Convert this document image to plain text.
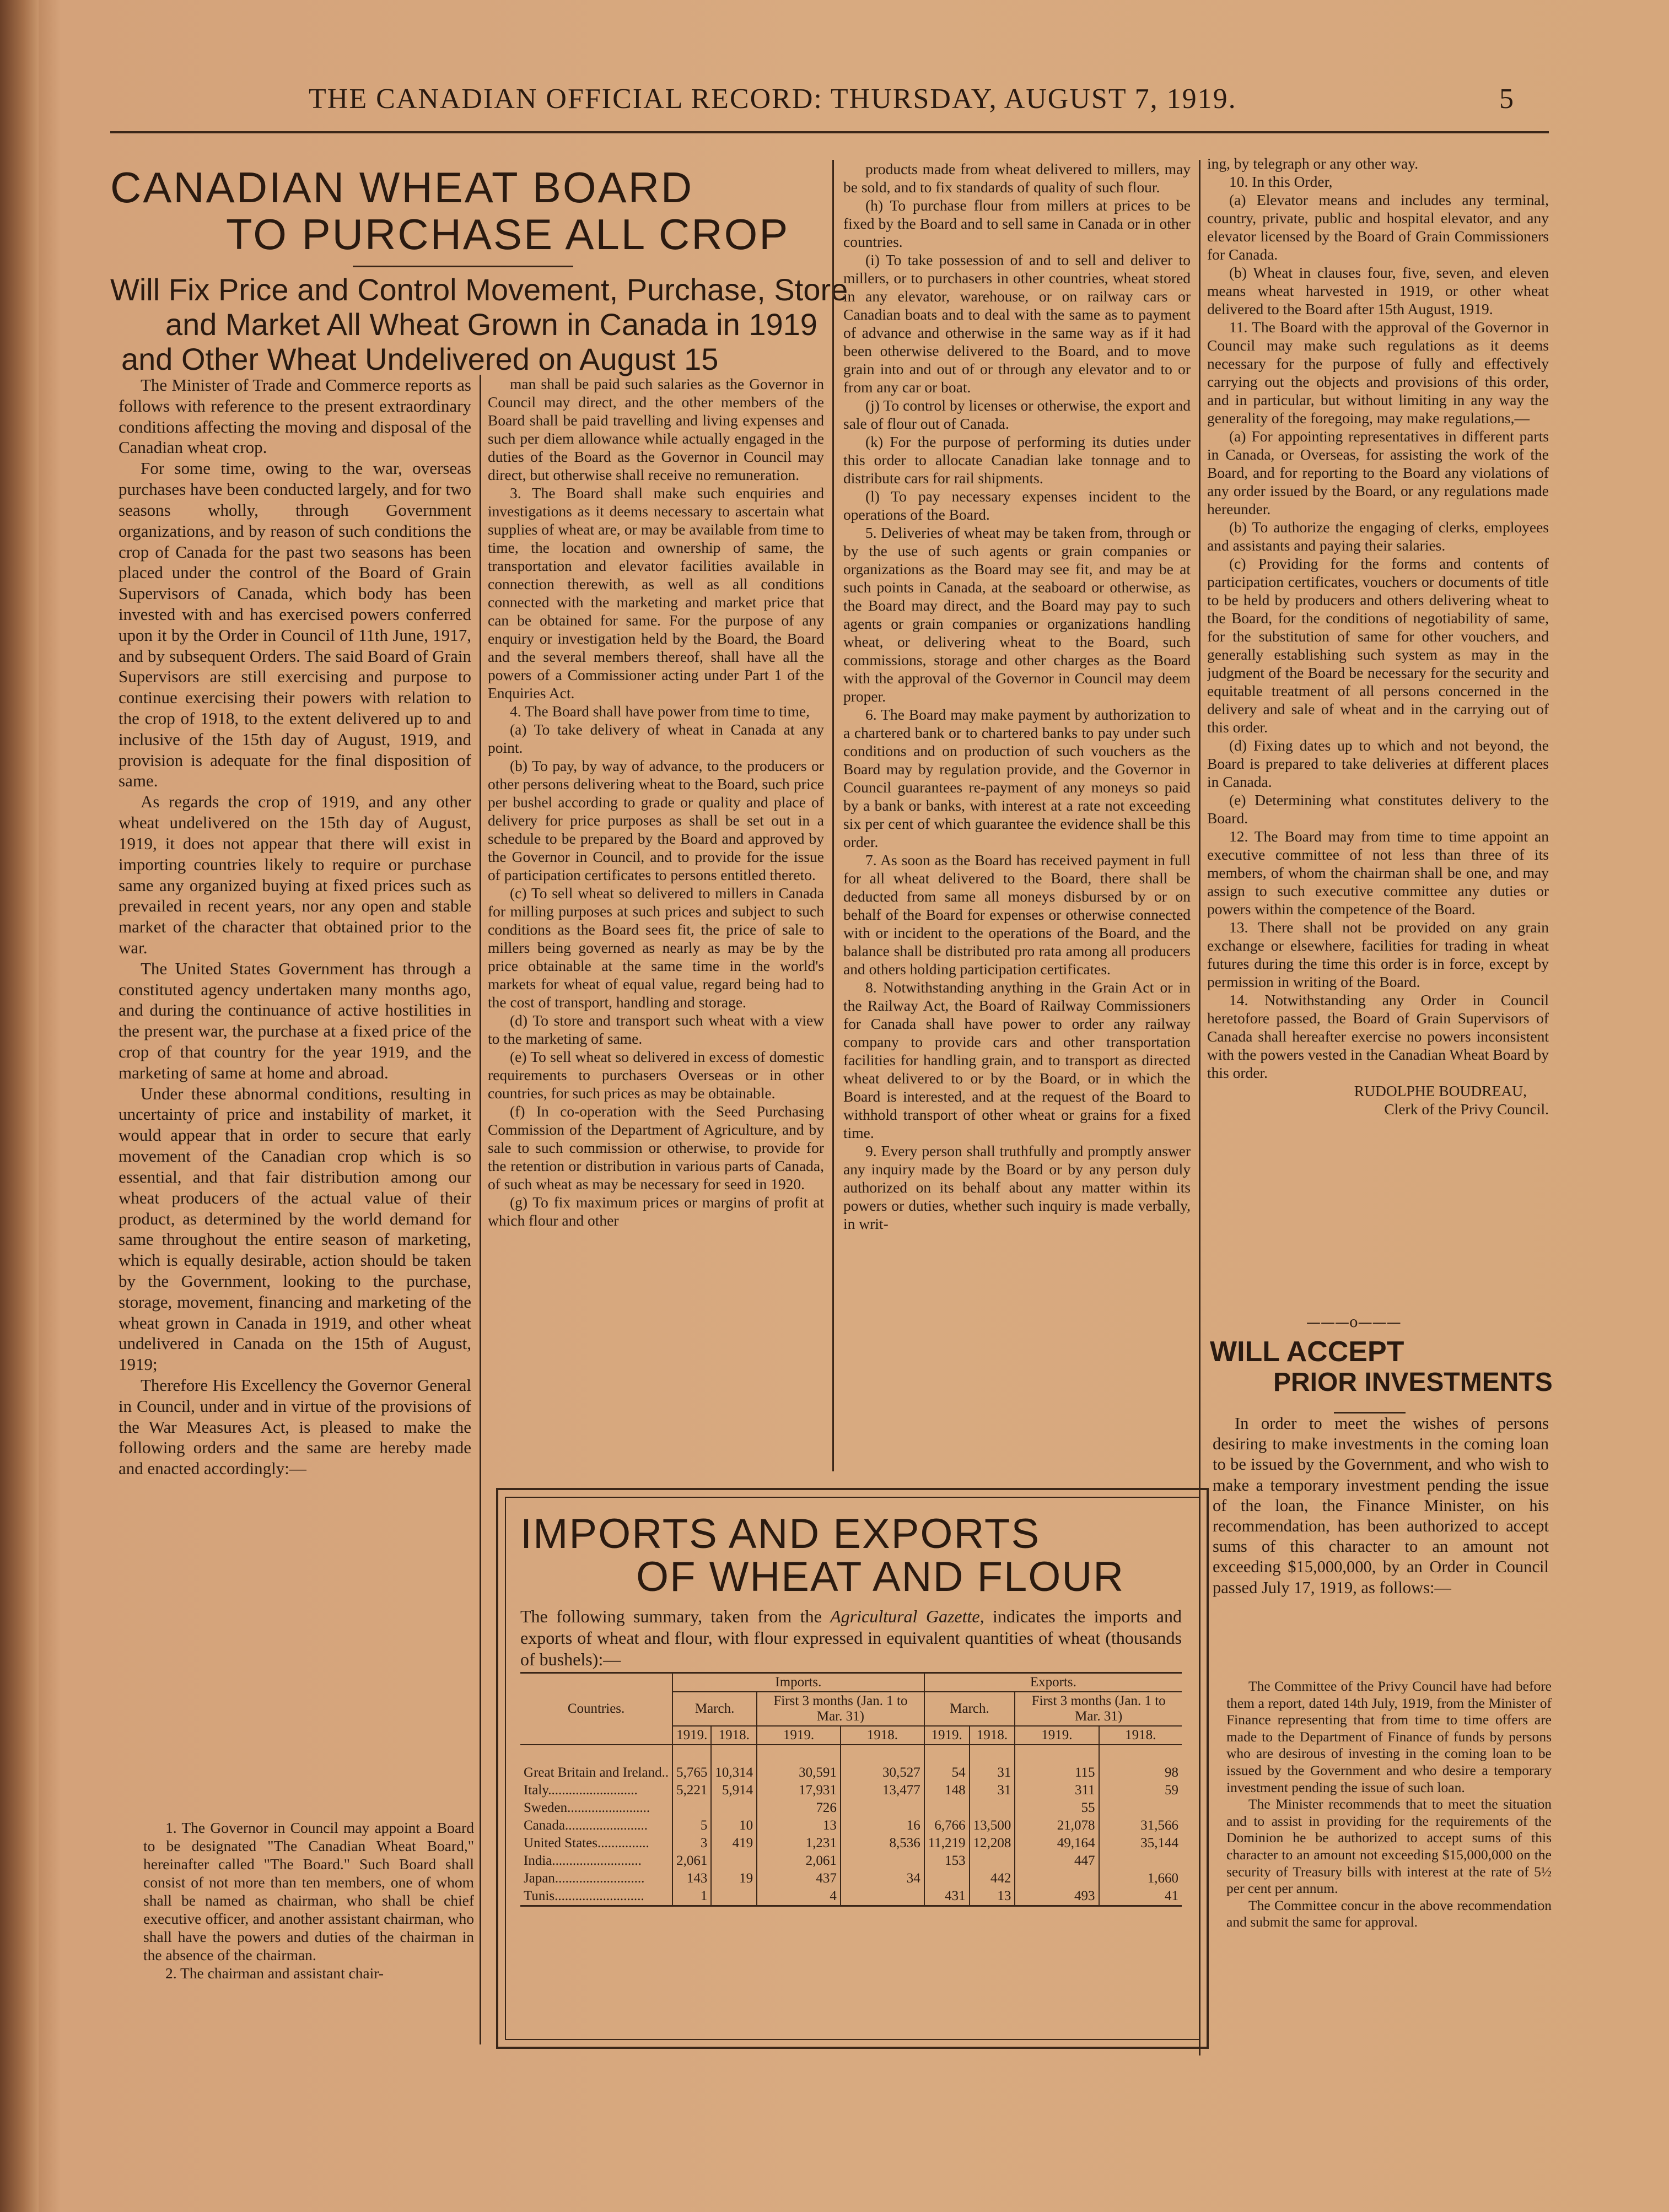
THE CANADIAN OFFICIAL RECORD: THURSDAY, AUGUST 7, 1919.	5
CANADIAN WHEAT BOARD
TO PURCHASE ALL CROP
Will Fix Price and Control Movement, Purchase, Store
and Market All Wheat Grown in Canada in 1919
and Other Wheat Undelivered on August 15

The Minister of Trade and Commerce reports as follows with reference to the present extraordinary conditions affecting the moving and disposal of the Canadian wheat crop.

For some time, owing to the war, overseas purchases have been conducted largely, and for two seasons wholly, through Government organizations, and by reason of such conditions the crop of Canada for the past two seasons has been placed under the control of the Board of Grain Supervisors of Canada, which body has been invested with and has exercised powers conferred upon it by the Order in Council of 11th June, 1917, and by subsequent Orders. The said Board of Grain Supervisors are still exercising and purpose to continue exercising their powers with relation to the crop of 1918, to the extent delivered up to and inclusive of the 15th day of August, 1919, and provision is adequate for the final disposition of same.

As regards the crop of 1919, and any other wheat undelivered on the 15th day of August, 1919, it does not appear that there will exist in importing countries likely to require or purchase same any organized buying at fixed prices such as prevailed in recent years, nor any open and stable market of the character that obtained prior to the war.

The United States Government has through a constituted agency undertaken many months ago, and during the continuance of active hostilities in the present war, the purchase at a fixed price of the crop of that country for the year 1919, and the marketing of same at home and abroad.

Under these abnormal conditions, resulting in uncertainty of price and instability of market, it would appear that in order to secure that early movement of the Canadian crop which is so essential, and that fair distribution among our wheat producers of the actual value of their product, as determined by the world demand for same throughout the entire season of marketing, which is equally desirable, action should be taken by the Government, looking to the purchase, storage, movement, financing and marketing of the wheat grown in Canada in 1919, and other wheat undelivered in Canada on the 15th of August, 1919;

Therefore His Excellency the Governor General in Council, under and in virtue of the provisions of the War Measures Act, is pleased to make the following orders and the same are hereby made and enacted accordingly:—

1. The Governor in Council may appoint a Board to be designated "The Canadian Wheat Board," hereinafter called "The Board." Such Board shall consist of not more than ten members, one of whom shall be named as chairman, who shall be chief executive officer, and another assistant chairman, who shall have the powers and duties of the chairman in the absence of the chairman.

2. The chairman and assistant chair-

man shall be paid such salaries as the Governor in Council may direct, and the other members of the Board shall be paid travelling and living expenses and such per diem allowance while actually engaged in the duties of the Board as the Governor in Council may direct, but otherwise shall receive no remuneration.

3. The Board shall make such enquiries and investigations as it deems necessary to ascertain what supplies of wheat are, or may be available from time to time, the location and ownership of same, the transportation and elevator facilities available in connection therewith, as well as all conditions connected with the marketing and market price that can be obtained for same. For the purpose of any enquiry or investigation held by the Board, the Board and the several members thereof, shall have all the powers of a Commissioner acting under Part 1 of the Enquiries Act.

4. The Board shall have power from time to time,

(a) To take delivery of wheat in Canada at any point.

(b) To pay, by way of advance, to the producers or other persons delivering wheat to the Board, such price per bushel according to grade or quality and place of delivery for price purposes as shall be set out in a schedule to be prepared by the Board and approved by the Governor in Council, and to provide for the issue of participation certificates to persons entitled thereto.

(c) To sell wheat so delivered to millers in Canada for milling purposes at such prices and subject to such conditions as the Board sees fit, the price of sale to millers being governed as nearly as may be by the price obtainable at the same time in the world's markets for wheat of equal value, regard being had to the cost of transport, handling and storage.

(d) To store and transport such wheat with a view to the marketing of same.

(e) To sell wheat so delivered in excess of domestic requirements to purchasers Overseas or in other countries, for such prices as may be obtainable.

(f) In co-operation with the Seed Purchasing Commission of the Department of Agriculture, and by sale to such commission or otherwise, to provide for the retention or distribution in various parts of Canada, of such wheat as may be necessary for seed in 1920.

(g) To fix maximum prices or margins of profit at which flour and other

products made from wheat delivered to millers, may be sold, and to fix standards of quality of such flour.

(h) To purchase flour from millers at prices to be fixed by the Board and to sell same in Canada or in other countries.

(i) To take possession of and to sell and deliver to millers, or to purchasers in other countries, wheat stored in any elevator, warehouse, or on railway cars or Canadian boats and to deal with the same as to payment of advance and otherwise in the same way as if it had been otherwise delivered to the Board, and to move grain into and out of or through any elevator and to or from any car or boat.

(j) To control by licenses or otherwise, the export and sale of flour out of Canada.

(k) For the purpose of performing its duties under this order to allocate Canadian lake tonnage and to distribute cars for rail shipments.

(l) To pay necessary expenses incident to the operations of the Board.

5. Deliveries of wheat may be taken from, through or by the use of such agents or grain companies or organizations as the Board may see fit, and may be at such points in Canada, at the seaboard or otherwise, as the Board may direct, and the Board may pay to such agents or grain companies or organizations handling wheat, or delivering wheat to the Board, such commissions, storage and other charges as the Board with the approval of the Governor in Council may deem proper.

6. The Board may make payment by authorization to a chartered bank or to chartered banks to pay under such conditions and on production of such vouchers as the Board may by regulation provide, and the Governor in Council guarantees re-payment of any moneys so paid by a bank or banks, with interest at a rate not exceeding six per cent of which guarantee the evidence shall be this order.

7. As soon as the Board has received payment in full for all wheat delivered to the Board, there shall be deducted from same all moneys disbursed by or on behalf of the Board for expenses or otherwise connected with or incident to the operations of the Board, and the balance shall be distributed pro rata among all producers and others holding participation certificates.

8. Notwithstanding anything in the Grain Act or in the Railway Act, the Board of Railway Commissioners for Canada shall have power to order any railway company to provide cars and other transportation facilities for handling grain, and to transport as directed wheat delivered to or by the Board, or in which the Board is interested, and at the request of the Board to withhold transport of other wheat or grains for a fixed time.

9. Every person shall truthfully and promptly answer any inquiry made by the Board or by any person duly authorized on its behalf about any matter within its powers or duties, whether such inquiry is made verbally, in writ-

ing, by telegraph or any other way.

10. In this Order,

(a) Elevator means and includes any terminal, country, private, public and hospital elevator, and any elevator licensed by the Board of Grain Commissioners for Canada.

(b) Wheat in clauses four, five, seven, and eleven means wheat harvested in 1919, or other wheat delivered to the Board after 15th August, 1919.

11. The Board with the approval of the Governor in Council may make such regulations as it deems necessary for the purpose of fully and effectively carrying out the objects and provisions of this order, and in particular, but without limiting in any way the generality of the foregoing, may make regulations,—

(a) For appointing representatives in different parts in Canada, or Overseas, for assisting the work of the Board, and for reporting to the Board any violations of any order issued by the Board, or any regulations made hereunder.

(b) To authorize the engaging of clerks, employees and assistants and paying their salaries.

(c) Providing for the forms and contents of participation certificates, vouchers or documents of title to be held by producers and others delivering wheat to the Board, for the conditions of negotiability of same, for the substitution of same for other vouchers, and generally establishing such system as may in the judgment of the Board be necessary for the security and equitable treatment of all persons concerned in the delivery and sale of wheat and in the carrying out of this order.

(d) Fixing dates up to which and not beyond, the Board is prepared to take deliveries at different places in Canada.

(e) Determining what constitutes delivery to the Board.

12. The Board may from time to time appoint an executive committee of not less than three of its members, of whom the chairman shall be one, and may assign to such executive committee any duties or powers within the competence of the Board.

13. There shall not be provided on any grain exchange or elsewhere, facilities for trading in wheat futures during the time this order is in force, except by permission in writing of the Board.

14. Notwithstanding any Order in Council heretofore passed, the Board of Grain Supervisors of Canada shall hereafter exercise no powers inconsistent with the powers vested in the Canadian Wheat Board by this order.

RUDOLPHE BOUDREAU,

Clerk of the Privy Council.

———o———
WILL ACCEPT
PRIOR INVESTMENTS

In order to meet the wishes of persons desiring to make investments in the coming loan to be issued by the Government, and who wish to make a temporary investment pending the issue of the loan, the Finance Minister, on his recommendation, has been authorized to accept sums of this character to an amount not exceeding $15,000,000, by an Order in Council passed July 17, 1919, as follows:—

The Committee of the Privy Council have had before them a report, dated 14th July, 1919, from the Minister of Finance representing that from time to time offers are made to the Department of Finance of funds by persons who are desirous of investing in the coming loan to be issued by the Government and who desire a temporary investment pending the issue of such loan.

The Minister recommends that to meet the situation and to assist in providing for the requirements of the Dominion he be authorized to accept sums of this character to an amount not exceeding $15,000,000 on the security of Treasury bills with interest at the rate of 5½ per cent per annum.

The Committee concur in the above recommendation and submit the same for approval.

IMPORTS AND EXPORTS
OF WHEAT AND FLOUR
The following summary, taken from the Agricultural Gazette, indicates the imports and exports of wheat and flour, with flour expressed in equivalent quantities of wheat (thousands of bushels):—
Countries.	Imports.				Exports.			
	March.		First 3 months (Jan. 1 to Mar. 31)		March.		First 3 months (Jan. 1 to Mar. 31)	
	1919.	1918.	1919.	1918.	1919.	1918.	1919.	1918.
Great Britain and Ireland..	5,765	10,314	30,591	30,527	54	31	115	98
Italy..........................	5,221	5,914	17,931	13,477	148	31	311	59
Sweden........................			726				55	
Canada........................	5	10	13	16	6,766	13,500	21,078	31,566
United States...............	3	419	1,231	8,536	11,219	12,208	49,164	35,144
India..........................	2,061		2,061		153		447	
Japan..........................	143	19	437	34		442		1,660
Tunis..........................	1		4		431	13	493	41
